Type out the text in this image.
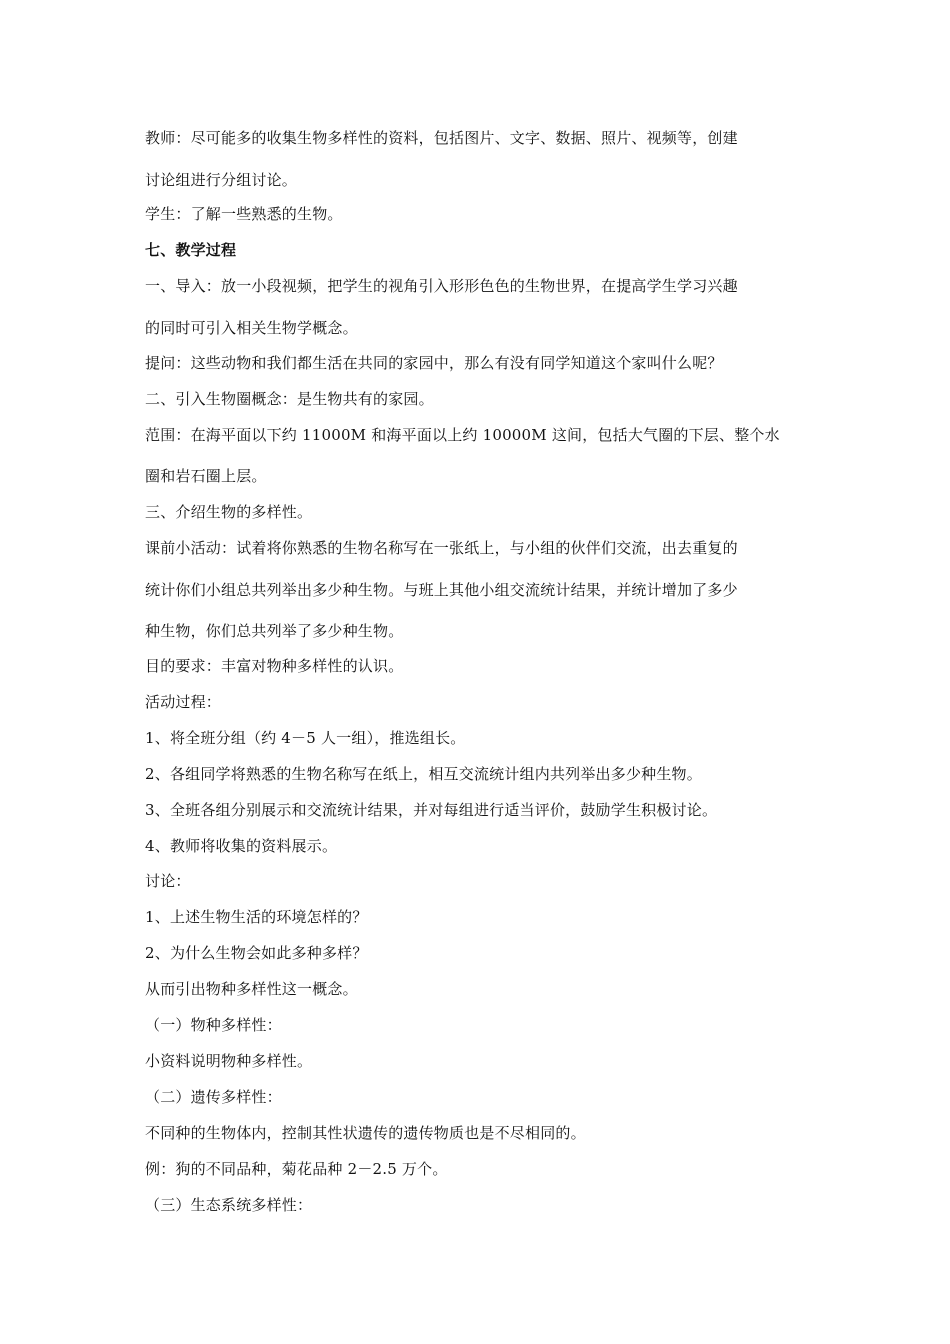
教师：尽可能多的收集生物多样性的资料，包括图片、文字、数据、照片、视频等，创建
讨论组进行分组讨论。
学生：了解一些熟悉的生物。
七、教学过程
一、导入：放一小段视频，把学生的视角引入形形色色的生物世界，在提高学生学习兴趣
的同时可引入相关生物学概念。
提问：这些动物和我们都生活在共同的家园中，那么有没有同学知道这个家叫什么呢？
二、引入生物圈概念：是生物共有的家园。
范围：在海平面以下约 11000M 和海平面以上约 10000M 这间，包括大气圈的下层、整个水
圈和岩石圈上层。
三、介绍生物的多样性。
课前小活动：试着将你熟悉的生物名称写在一张纸上，与小组的伙伴们交流，出去重复的
统计你们小组总共列举出多少种生物。与班上其他小组交流统计结果，并统计增加了多少
种生物，你们总共列举了多少种生物。
目的要求：丰富对物种多样性的认识。
活动过程：
1、将全班分组（约 4－5 人一组），推选组长。
2、各组同学将熟悉的生物名称写在纸上，相互交流统计组内共列举出多少种生物。
3、全班各组分别展示和交流统计结果，并对每组进行适当评价，鼓励学生积极讨论。
4、教师将收集的资料展示。
讨论：
1、上述生物生活的环境怎样的？
2、为什么生物会如此多种多样？
从而引出物种多样性这一概念。
（一）物种多样性：
小资料说明物种多样性。
（二）遗传多样性：
不同种的生物体内，控制其性状遗传的遗传物质也是不尽相同的。
例：狗的不同品种，菊花品种 2－2.5 万个。
（三）生态系统多样性：
